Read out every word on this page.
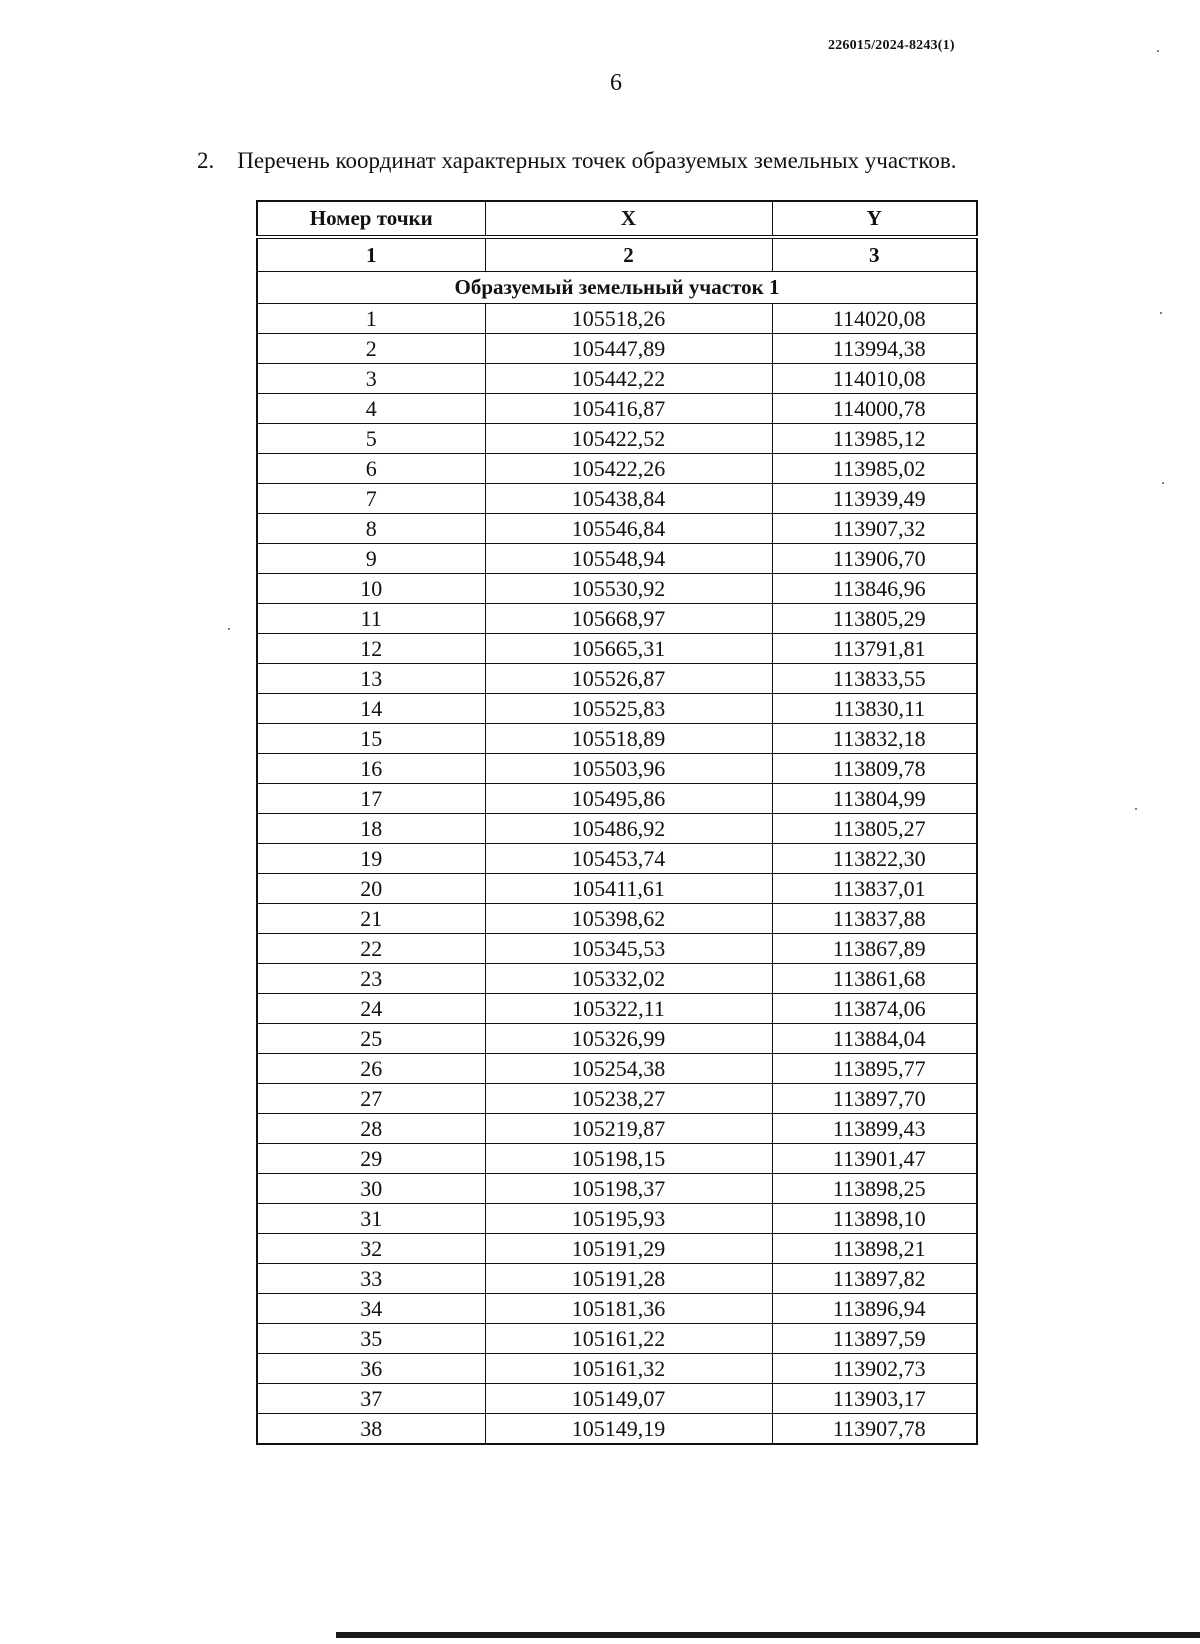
226015/2024-8243(1)
6
2. Перечень координат характерных точек образуемых земельных участков.
Номер точки	X	Y
1	2	3
Образуемый земельный участок 1		
1	105518,26	114020,08
2	105447,89	113994,38
3	105442,22	114010,08
4	105416,87	114000,78
5	105422,52	113985,12
6	105422,26	113985,02
7	105438,84	113939,49
8	105546,84	113907,32
9	105548,94	113906,70
10	105530,92	113846,96
11	105668,97	113805,29
12	105665,31	113791,81
13	105526,87	113833,55
14	105525,83	113830,11
15	105518,89	113832,18
16	105503,96	113809,78
17	105495,86	113804,99
18	105486,92	113805,27
19	105453,74	113822,30
20	105411,61	113837,01
21	105398,62	113837,88
22	105345,53	113867,89
23	105332,02	113861,68
24	105322,11	113874,06
25	105326,99	113884,04
26	105254,38	113895,77
27	105238,27	113897,70
28	105219,87	113899,43
29	105198,15	113901,47
30	105198,37	113898,25
31	105195,93	113898,10
32	105191,29	113898,21
33	105191,28	113897,82
34	105181,36	113896,94
35	105161,22	113897,59
36	105161,32	113902,73
37	105149,07	113903,17
38	105149,19	113907,78
